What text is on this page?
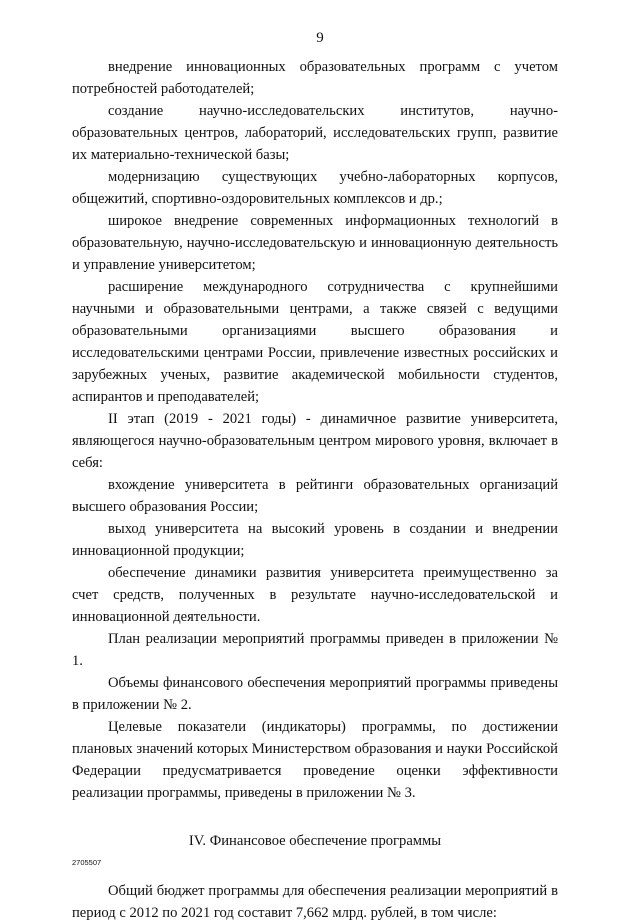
9

внедрение инновационных образовательных программ с учетом потребностей работодателей;

создание научно-исследовательских институтов, научно-образовательных центров, лабораторий, исследовательских групп, развитие их материально-технической базы;

модернизацию существующих учебно-лабораторных корпусов, общежитий, спортивно-оздоровительных комплексов и др.;

широкое внедрение современных информационных технологий в образовательную, научно-исследовательскую и инновационную деятельность и управление университетом;

расширение международного сотрудничества с крупнейшими научными и образовательными центрами, а также связей с ведущими образовательными организациями высшего образования и исследовательскими центрами России, привлечение известных российских и зарубежных ученых, развитие академической мобильности студентов, аспирантов и преподавателей;

II этап (2019 - 2021 годы) - динамичное развитие университета, являющегося научно-образовательным центром мирового уровня, включает в себя:

вхождение университета в рейтинги образовательных организаций высшего образования России;

выход университета на высокий уровень в создании и внедрении инновационной продукции;

обеспечение динамики развития университета преимущественно за счет средств, полученных в результате научно-исследовательской и инновационной деятельности.

План реализации мероприятий программы приведен в приложении № 1.

Объемы финансового обеспечения мероприятий программы приведены в приложении № 2.

Целевые показатели (индикаторы) программы, по достижении плановых значений которых Министерством образования и науки Российской Федерации предусматривается проведение оценки эффективности реализации программы, приведены в приложении № 3.

IV. Финансовое обеспечение программы

Общий бюджет программы для обеспечения реализации мероприятий в период с 2012 по 2021 год составит 7,662 млрд. рублей, в том числе:

2705507
